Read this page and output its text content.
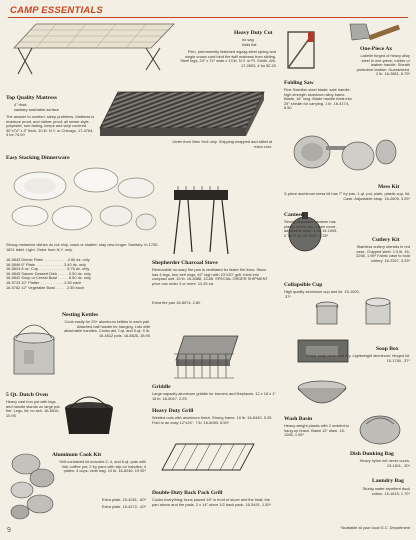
CAMP ESSENTIALS
Heavy Duty Cot
no sag
folds flat
Firm, permanently fastened zigzag steel spring and single crown cord bind the twill mattress from sliding. Steel legs, 24" x 74" wide x 13 lb. N.Y. or Ft. Smith, Ark. 17-2893, 4 for $2.20
Top Quality Mattress
4" thick
sanitary washable surface
The answer to comfort, sleep problems. Mattress is moisture proof, and rubber proof; all newer style polyester, non-fading, keeps and vinyl covered. 30"x74" x 4" thick, 10 lb. N.Y. or Chicago, 17-4764, 4 for 74.00
Order from New York only. Shipping wrapped and billed at extra cost.
Folding Saw
Fine Swedish steel blade; safe handle; high strength aluminum alloy frame. Blade, 16" long. Blade handle folds into 25" sheath for carrying. 1 lb. 16-4174, 6.50
One-Piece Ax
Labelle forged of heavy alloy steel in one-piece; rubber or leather handle. Sheath protective leather. Guaranteed. 2 lb. 16-2861, 6.75*
Mess Kit
5-piece aluminum mess kit has 7" fry pan, 1-qt. pot, plate, plastic cup, lid. Case. Adjustable strap. 16-2609, 3.25*
Easy Stacking Dinnerware
Strong melamine dishes do not chip, crack or shatter; stay new longer. Sanitary. In 1700-1821 label. Light. Order from N.Y. only.
16-5843 Dinner Plate . . . . . . . . . . . 4.50 dz. only
16-5846 6" Plate . . . . . . . . . . . . . 3.40 dz. only
16-5824 8 oz. Cup . . . . . . . . . . . . . 5.75 dz. only
16-5845 Saucer Dessert Dish . . . . . 3.50 dz. only
16-5842 Soup or Cereal Bowl . . . . . 6.50 dz. only
16-5723 10" Platter . . . . . . . . . . . 2.50 each
16-5782 12" Vegetable Bowl . . . . . 2.50 each
Shepherder Charcoal Stove
Removable no-warp fire pan is ventilated for faster fire lives. Stove has 4 legs, four self rings, 62" high with 23"x30" grill; folds into compact unit. 15 lb. 16-8388, 13.85. SPECIAL ORDER SHIPMENT price can order 3 or more. 12.45 ea.
Extra fire pan 16-8074, 2.80
Canteen
Strong aluminum canteen has plastic screw cap, chain cover, adjustable strap. 1 lb. 15-1005, 2.75* 2-lg. 15-2007, 3.25*
Cutlery Kit
Stainless cutlery utensils in red case. Chipped steel. 1.5 lb. 16-2266, 1.95* Fabric case to hold cutlery. 16-2267, 3.25*
Nesting Kettles
Cook easily for 25+ aluminum kettles in each pail. Attached bail handle for hanging. Lids with attachable handles. Cooks aid 7-qt. and 5-qt. 5 lb. 15-4612 pots. 16-8625, 28.95
Collapsible Cup
High quality aluminum cup and lid. 15-1000, .37*
Soap Box
Keeps soap clean and dry. Lightweight aluminum; hinged lid. 15-1780, .37*
5 Qt. Dutch Oven
Heavy cast iron pot with legs and handle stands on large pot-fire. Legs, lid; no ash. 16-8610, 10.95
Griddle
Large capacity aluminum griddle for burners and fireplaces. 12 x 18 x 1" 18 lb. 16-8047, 2.25
Heavy Duty Grill
Welded rods with aluminum finish. Strong frame. 10 lb. 16-8440, 5.25. Fold to an easy 12"x24". 7 lb. 16-8083, 6.50*
Wash Basin
Heavy-weight plastic with 2 molded-in hang-up brace. Basin 12" diam. 15-1266, 1.05*
Dish Dunking Bag
Heavy nylon net never cours. 15-1811, .30*
Aluminum Cook Kit
Self-contained kit includes 2, 4, and 6-qt. pots with lids; coffee pot; 2 fry pans with slip-on handles; 4 plates; 4 cups; cloth bag. 10 lb. 16-8246, 19.95*
Extra plate, 15-4261, .60*
Extra plate, 15-4272, .40*
Double-Duty Back Pack Grill
Cooks everything; buns placed 18" in front of stove and the heat; the pan above and the pads. 2 x 14" stove 1/2 back pack. 16-5491, 1.50*
Laundry Bag
Sturdy water-repellent duck cotton. 15-1615, 1.70*
9	*Available at your local G.C. Department
